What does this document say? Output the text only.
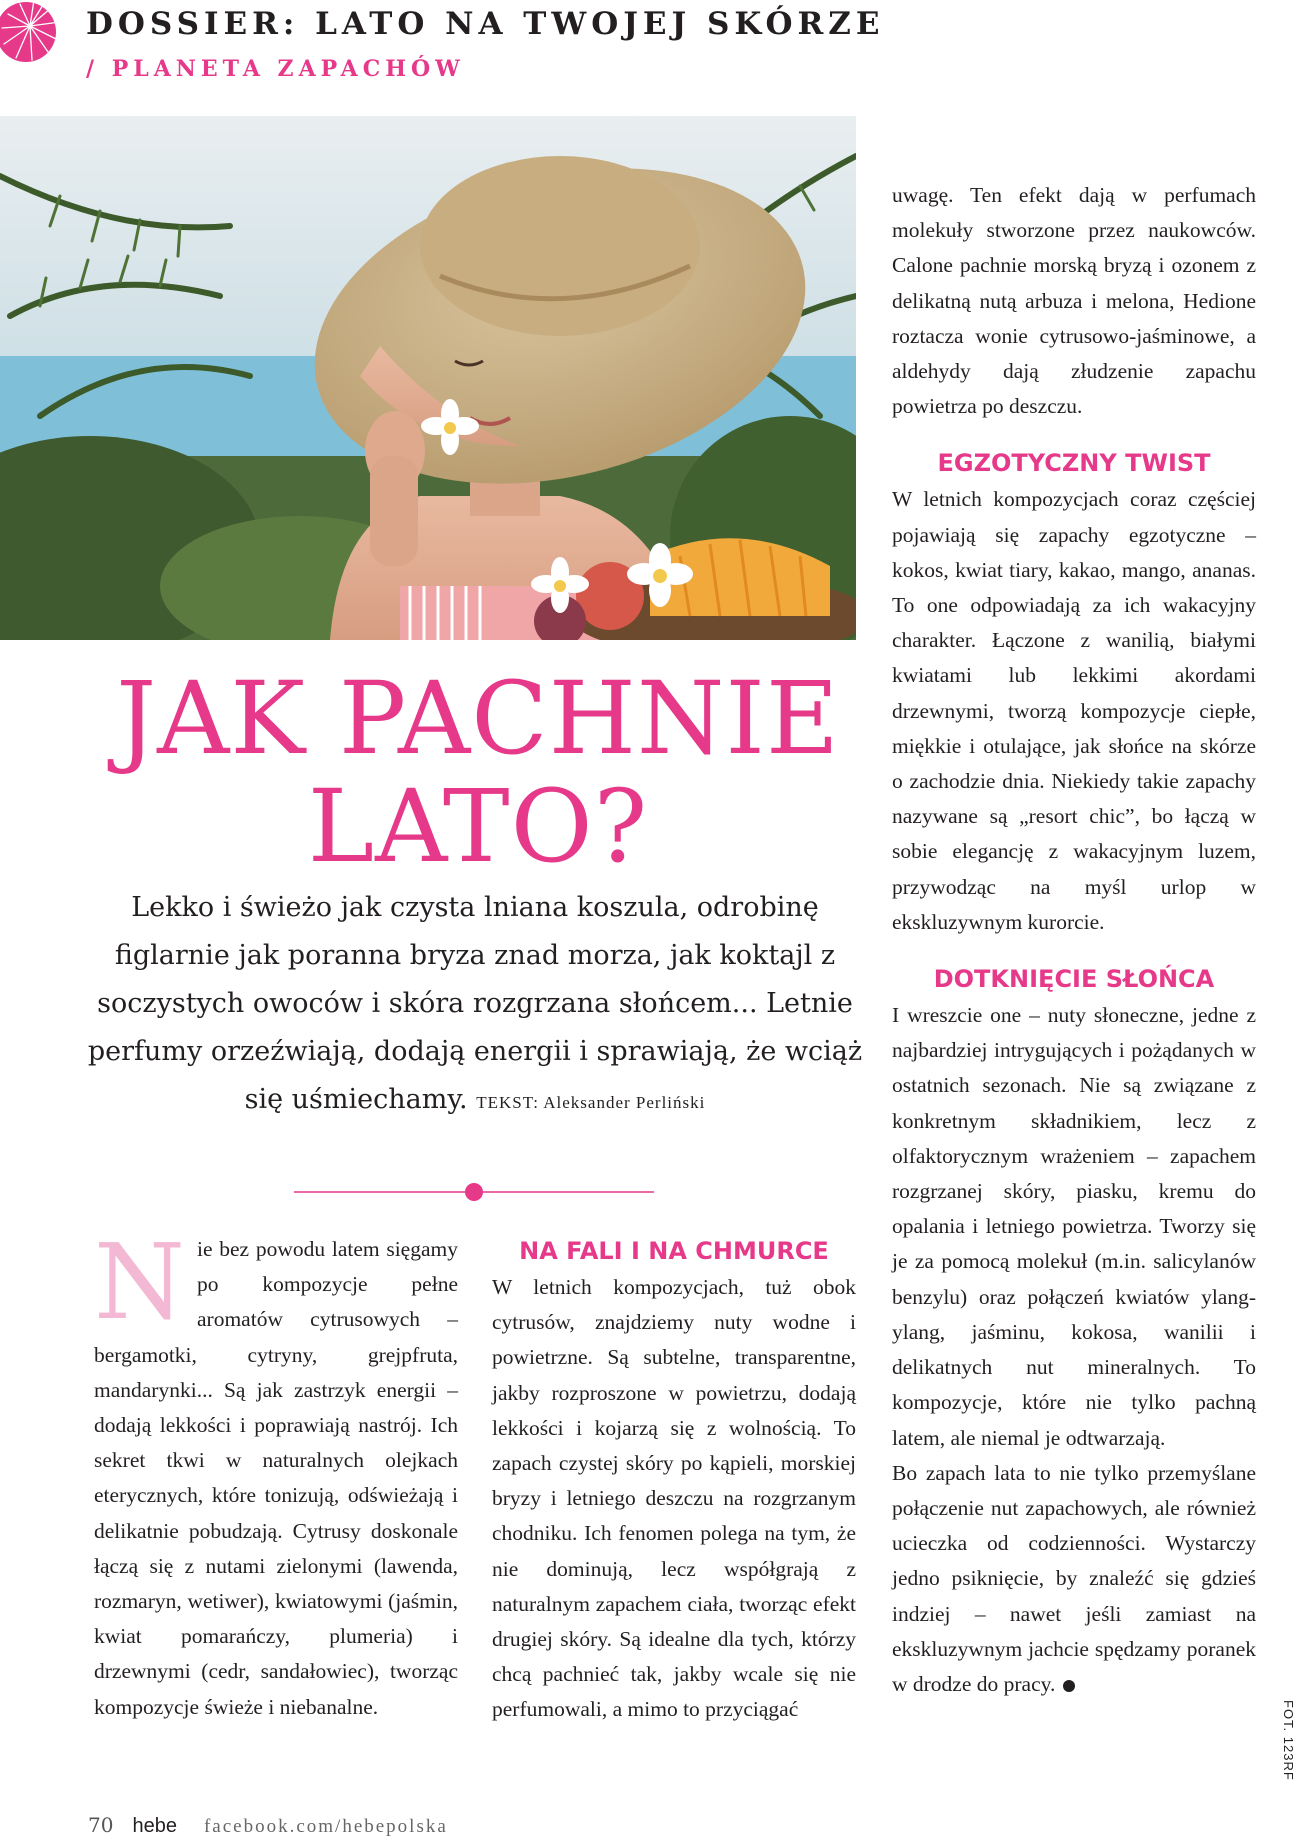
DOSSIER: LATO NA TWOJEJ SKÓRZE
/ PLANETA ZAPACHÓW
JAK PACHNIE
LATO?
Lekko i świeżo jak czysta lniana koszula, odrobinę figlarnie jak poranna bryza znad morza, jak koktajl z soczystych owoców i skóra rozgrzana słońcem... Letnie perfumy orzeźwiają, dodają energii i sprawiają, że wciąż się uśmiechamy. TEKST: Aleksander Perliński

N ie bez powodu latem sięgamy po kompozycje pełne aromatów cytrusowych – bergamotki, cytryny, grejpfruta, mandarynki... Są jak zastrzyk energii – dodają lekkości i poprawiają nastrój. Ich sekret tkwi w naturalnych olejkach eterycznych, które tonizują, odświeżają i delikatnie pobudzają. Cytrusy doskonale łączą się z nutami zielonymi (lawenda, rozmaryn, wetiwer), kwiatowymi (jaśmin, kwiat pomarańczy, plumeria) i drzewnymi (cedr, sandałowiec), tworząc kompozycje świeże i niebanalne.

NA FALI I NA CHMURCE

W letnich kompozycjach, tuż obok cytrusów, znajdziemy nuty wodne i powietrzne. Są subtelne, transparentne, jakby rozproszone w powietrzu, dodają lekkości i kojarzą się z wolnością. To zapach czystej skóry po kąpieli, morskiej bryzy i letniego deszczu na rozgrzanym chodniku. Ich fenomen polega na tym, że nie dominują, lecz współgrają z naturalnym zapachem ciała, tworząc efekt drugiej skóry. Są idealne dla tych, którzy chcą pachnieć tak, jakby wcale się nie perfumowali, a mimo to przyciągać

uwagę. Ten efekt dają w perfumach molekuły stworzone przez naukowców. Calone pachnie morską bryzą i ozonem z delikatną nutą arbuza i melona, Hedione roztacza wonie cytrusowo-jaśminowe, a aldehydy dają złudzenie zapachu powietrza po deszczu.

EGZOTYCZNY TWIST

W letnich kompozycjach coraz częściej pojawiają się zapachy egzotyczne – kokos, kwiat tiary, kakao, mango, ananas. To one odpowiadają za ich wakacyjny charakter. Łączone z wanilią, białymi kwiatami lub lekkimi akordami drzewnymi, tworzą kompozycje ciepłe, miękkie i otulające, jak słońce na skórze o zachodzie dnia. Niekiedy takie zapachy nazywane są „resort chic”, bo łączą w sobie elegancję z wakacyjnym luzem, przywodząc na myśl urlop w ekskluzywnym kurorcie.

DOTKNIĘCIE SŁOŃCA

I wreszcie one – nuty słoneczne, jedne z najbardziej intrygujących i pożądanych w ostatnich sezonach. Nie są związane z konkretnym składnikiem, lecz z olfaktorycznym wrażeniem – zapachem rozgrzanej skóry, piasku, kremu do opalania i letniego powietrza. Tworzy się je za pomocą molekuł (m.in. salicylanów benzylu) oraz połączeń kwiatów ylang-ylang, jaśminu, kokosa, wanilii i delikatnych nut mineralnych. To kompozycje, które nie tylko pachną latem, ale niemal je odtwarzają.

Bo zapach lata to nie tylko przemyślane połączenie nut zapachowych, ale również ucieczka od codzienności. Wystarczy jedno psiknięcie, by znaleźć się gdzieś indziej – nawet jeśli zamiast na ekskluzywnym jachcie spędzamy poranek w drodze do pracy.

FOT. 123RF
70 hebe facebook.com/hebepolska
